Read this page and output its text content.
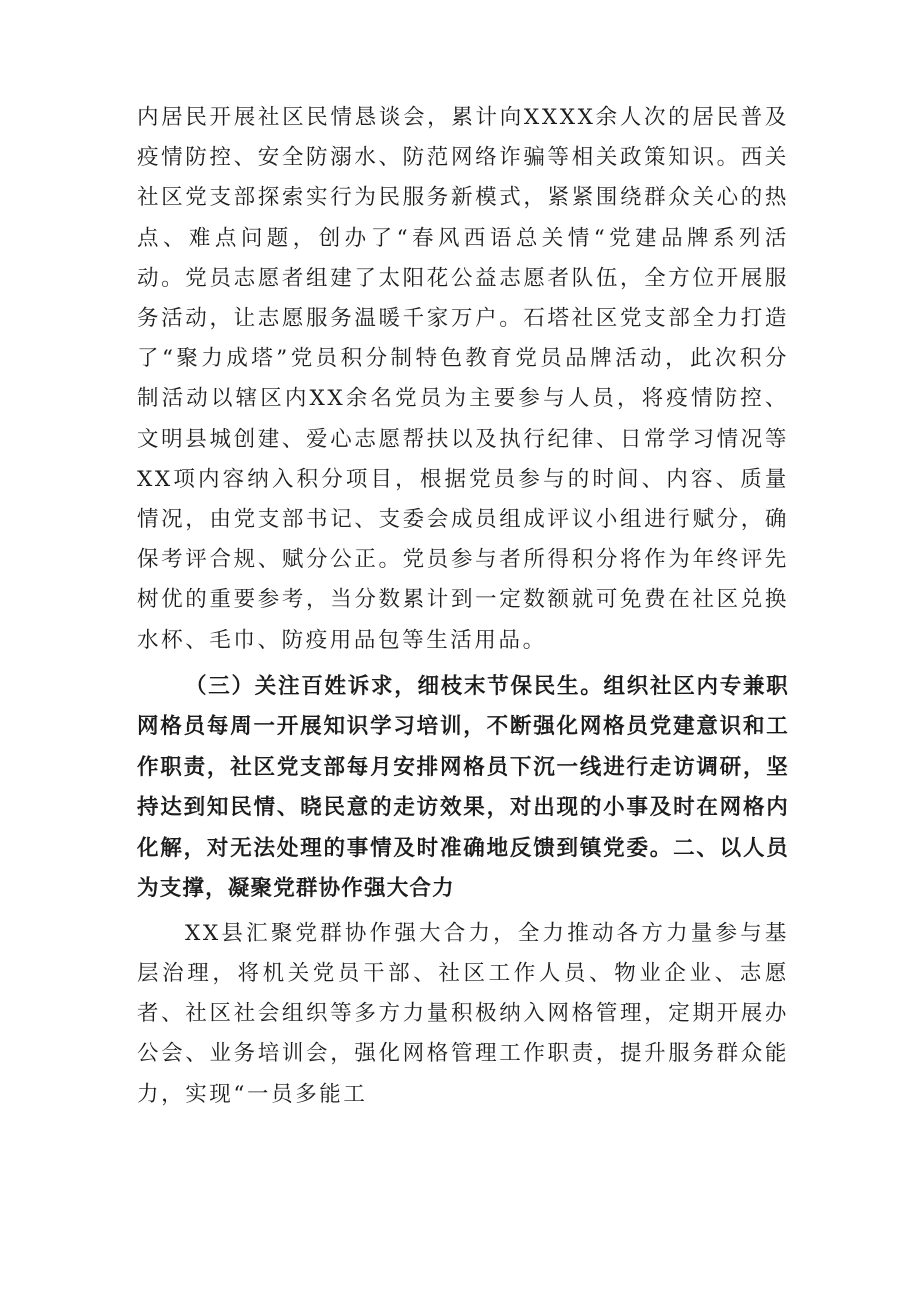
内居民开展社区民情恳谈会，累计向XXXX余人次的居民普及疫情防控、安全防溺水、防范网络诈骗等相关政策知识。西关社区党支部探索实行为民服务新模式，紧紧围绕群众关心的热点、难点问题，创办了“春风西语总关情“党建品牌系列活动。党员志愿者组建了太阳花公益志愿者队伍，全方位开展服务活动，让志愿服务温暖千家万户。石塔社区党支部全力打造了“聚力成塔”党员积分制特色教育党员品牌活动，此次积分制活动以辖区内XX余名党员为主要参与人员，将疫情防控、文明县城创建、爱心志愿帮扶以及执行纪律、日常学习情况等XX项内容纳入积分项目，根据党员参与的时间、内容、质量情况，由党支部书记、支委会成员组成评议小组进行赋分，确保考评合规、赋分公正。党员参与者所得积分将作为年终评先树优的重要参考，当分数累计到一定数额就可免费在社区兑换水杯、毛巾、防疫用品包等生活用品。

（三）关注百姓诉求，细枝末节保民生。组织社区内专兼职网格员每周一开展知识学习培训，不断强化网格员党建意识和工作职责，社区党支部每月安排网格员下沉一线进行走访调研，坚持达到知民情、晓民意的走访效果，对出现的小事及时在网格内化解，对无法处理的事情及时准确地反馈到镇党委。二、以人员为支撑，凝聚党群协作强大合力

XX县汇聚党群协作强大合力，全力推动各方力量参与基层治理，将机关党员干部、社区工作人员、物业企业、志愿者、社区社会组织等多方力量积极纳入网格管理，定期开展办公会、业务培训会，强化网格管理工作职责，提升服务群众能力，实现“一员多能工
